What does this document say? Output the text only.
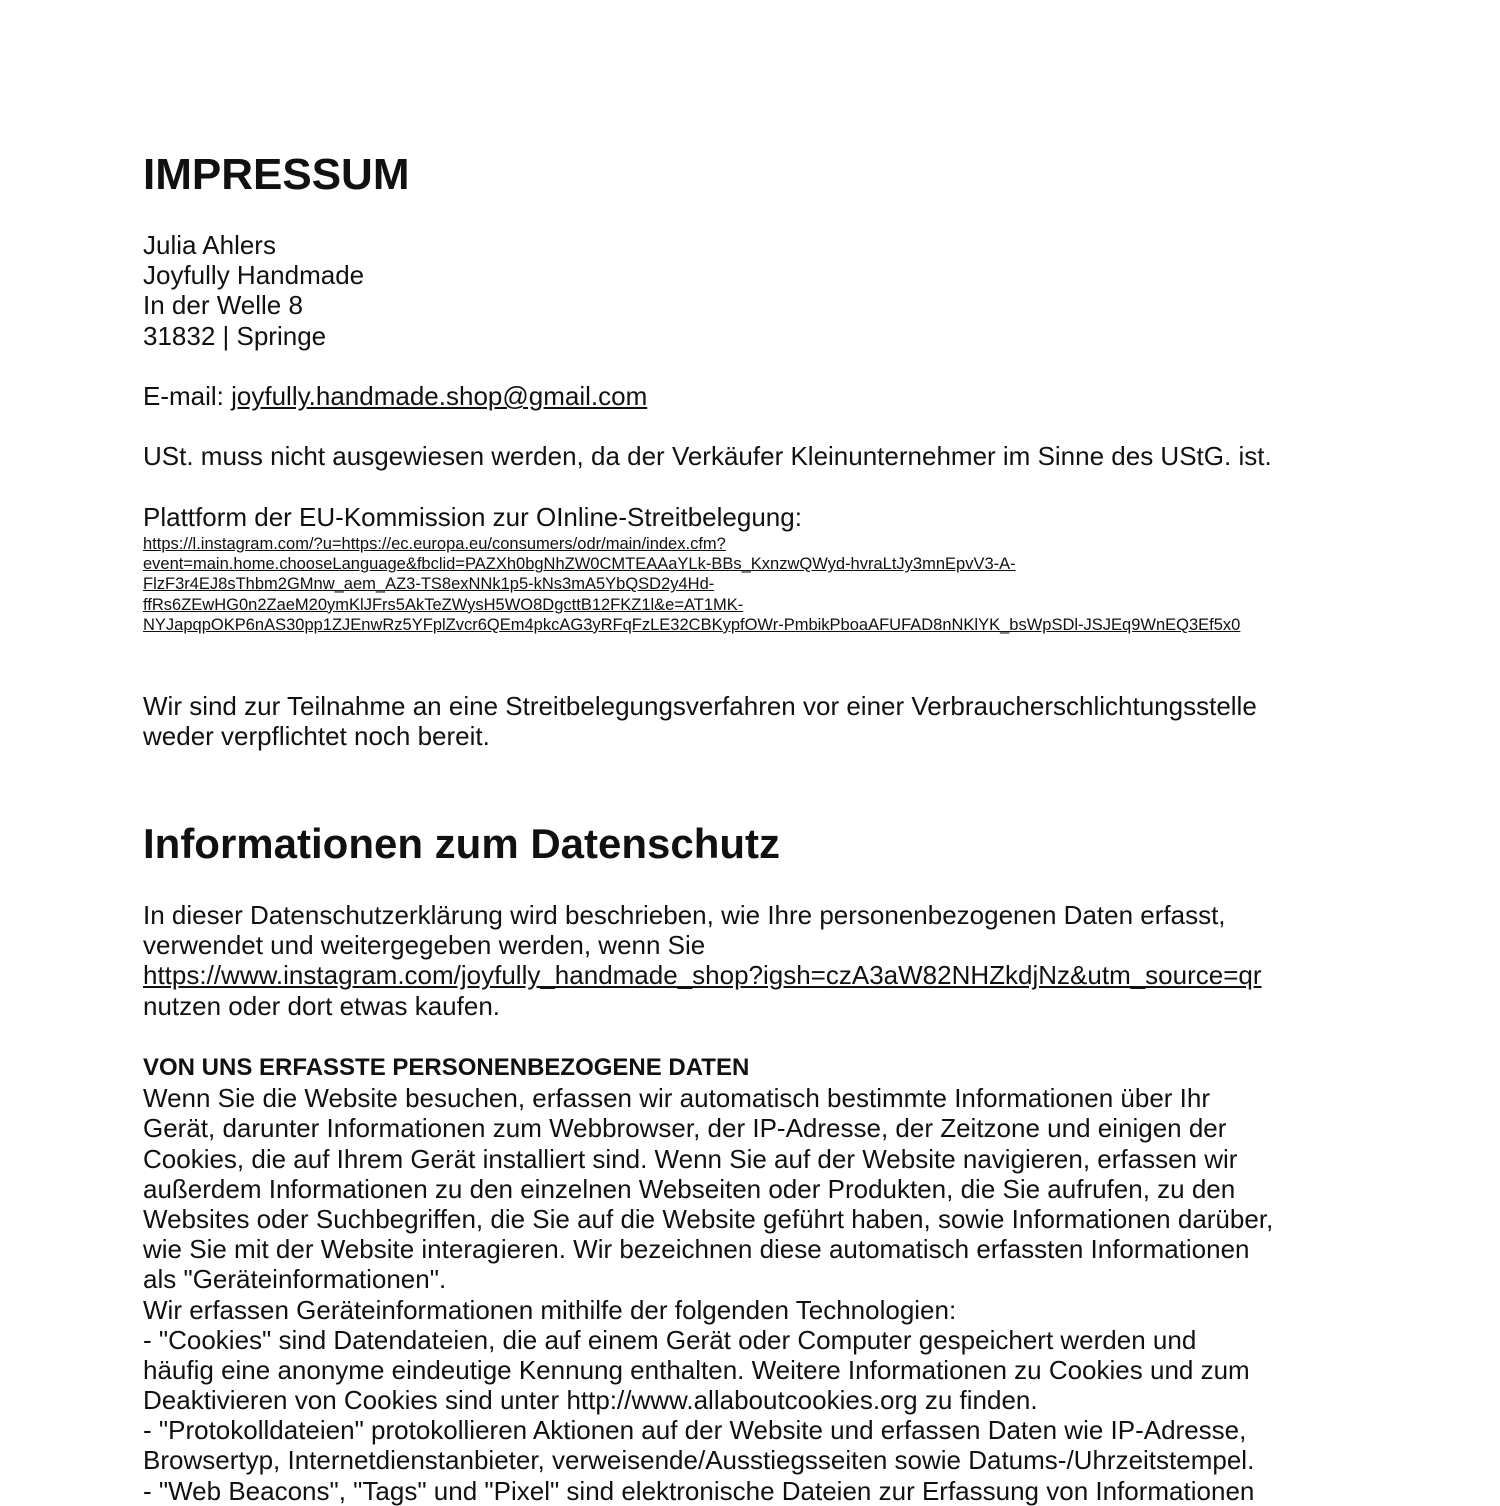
IMPRESSUM
Julia Ahlers
Joyfully Handmade
In der Welle 8
31832 | Springe
E-mail: joyfully.handmade.shop@gmail.com
USt. muss nicht ausgewiesen werden, da der Verkäufer Kleinunternehmer im Sinne des UStG. ist.
Plattform der EU-Kommission zur OInline-Streitbelegung:
https://l.instagram.com/?u=https://ec.europa.eu/consumers/odr/main/index.cfm?
event=main.home.chooseLanguage&fbclid=PAZXh0bgNhZW0CMTEAAaYLk-BBs_KxnzwQWyd-hvraLtJy3mnEpvV3-A-
FlzF3r4EJ8sThbm2GMnw_aem_AZ3-TS8exNNk1p5-kNs3mA5YbQSD2y4Hd-
ffRs6ZEwHG0n2ZaeM20ymKlJFrs5AkTeZWysH5WO8DgcttB12FKZ1l&e=AT1MK-
NYJapqpOKP6nAS30pp1ZJEnwRz5YFplZvcr6QEm4pkcAG3yRFqFzLE32CBKypfOWr-PmbikPboaAFUFAD8nNKlYK_bsWpSDl-JSJEq9WnEQ3Ef5x0
Wir sind zur Teilnahme an eine Streitbelegungsverfahren vor einer Verbraucherschlichtungsstelle
weder verpflichtet noch bereit.
Informationen zum Datenschutz
In dieser Datenschutzerklärung wird beschrieben, wie Ihre personenbezogenen Daten erfasst,
verwendet und weitergegeben werden, wenn Sie
https://www.instagram.com/joyfully_handmade_shop?igsh=czA3aW82NHZkdjNz&utm_source=qr
nutzen oder dort etwas kaufen.
VON UNS ERFASSTE PERSONENBEZOGENE DATEN
Wenn Sie die Website besuchen, erfassen wir automatisch bestimmte Informationen über Ihr
Gerät, darunter Informationen zum Webbrowser, der IP-Adresse, der Zeitzone und einigen der
Cookies, die auf Ihrem Gerät installiert sind. Wenn Sie auf der Website navigieren, erfassen wir
außerdem Informationen zu den einzelnen Webseiten oder Produkten, die Sie aufrufen, zu den
Websites oder Suchbegriffen, die Sie auf die Website geführt haben, sowie Informationen darüber,
wie Sie mit der Website interagieren. Wir bezeichnen diese automatisch erfassten Informationen
als "Geräteinformationen".
Wir erfassen Geräteinformationen mithilfe der folgenden Technologien:
- "Cookies" sind Datendateien, die auf einem Gerät oder Computer gespeichert werden und
häufig eine anonyme eindeutige Kennung enthalten. Weitere Informationen zu Cookies und zum
Deaktivieren von Cookies sind unter http://www.allaboutcookies.org zu finden.
- "Protokolldateien" protokollieren Aktionen auf der Website und erfassen Daten wie IP-Adresse,
Browsertyp, Internetdienstanbieter, verweisende/Ausstiegsseiten sowie Datums-/Uhrzeitstempel.
- "Web Beacons", "Tags" und "Pixel" sind elektronische Dateien zur Erfassung von Informationen
